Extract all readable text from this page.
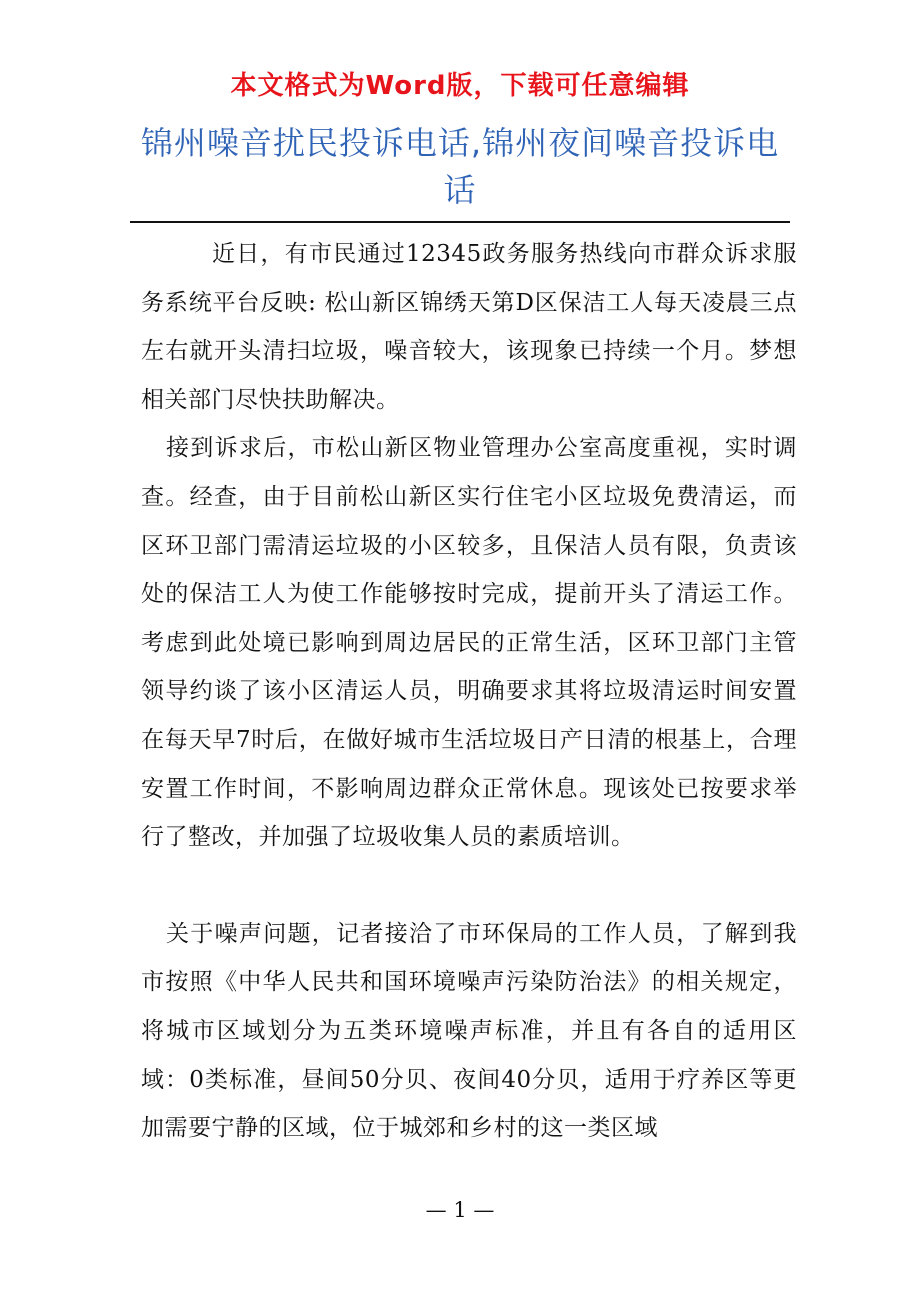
本文格式为Word版，下载可任意编辑
锦州噪音扰民投诉电话,锦州夜间噪音投诉电话

近日，有市民通过12345政务服务热线向市群众诉求服务系统平台反映: 松山新区锦绣天第D区保洁工人每天凌晨三点左右就开头清扫垃圾，噪音较大，该现象已持续一个月。梦想相关部门尽快扶助解决。

接到诉求后，市松山新区物业管理办公室高度重视，实时调查。经查，由于目前松山新区实行住宅小区垃圾免费清运，而区环卫部门需清运垃圾的小区较多，且保洁人员有限，负责该处的保洁工人为使工作能够按时完成，提前开头了清运工作。考虑到此处境已影响到周边居民的正常生活，区环卫部门主管领导约谈了该小区清运人员，明确要求其将垃圾清运时间安置在每天早7时后，在做好城市生活垃圾日产日清的根基上，合理安置工作时间，不影响周边群众正常休息。现该处已按要求举行了整改，并加强了垃圾收集人员的素质培训。

关于噪声问题，记者接洽了市环保局的工作人员，了解到我市按照《中华人民共和国环境噪声污染防治法》的相关规定，将城市区域划分为五类环境噪声标准，并且有各自的适用区域：0类标准，昼间50分贝、夜间40分贝，适用于疗养区等更加需要宁静的区域，位于城郊和乡村的这一类区域

— 1 —
